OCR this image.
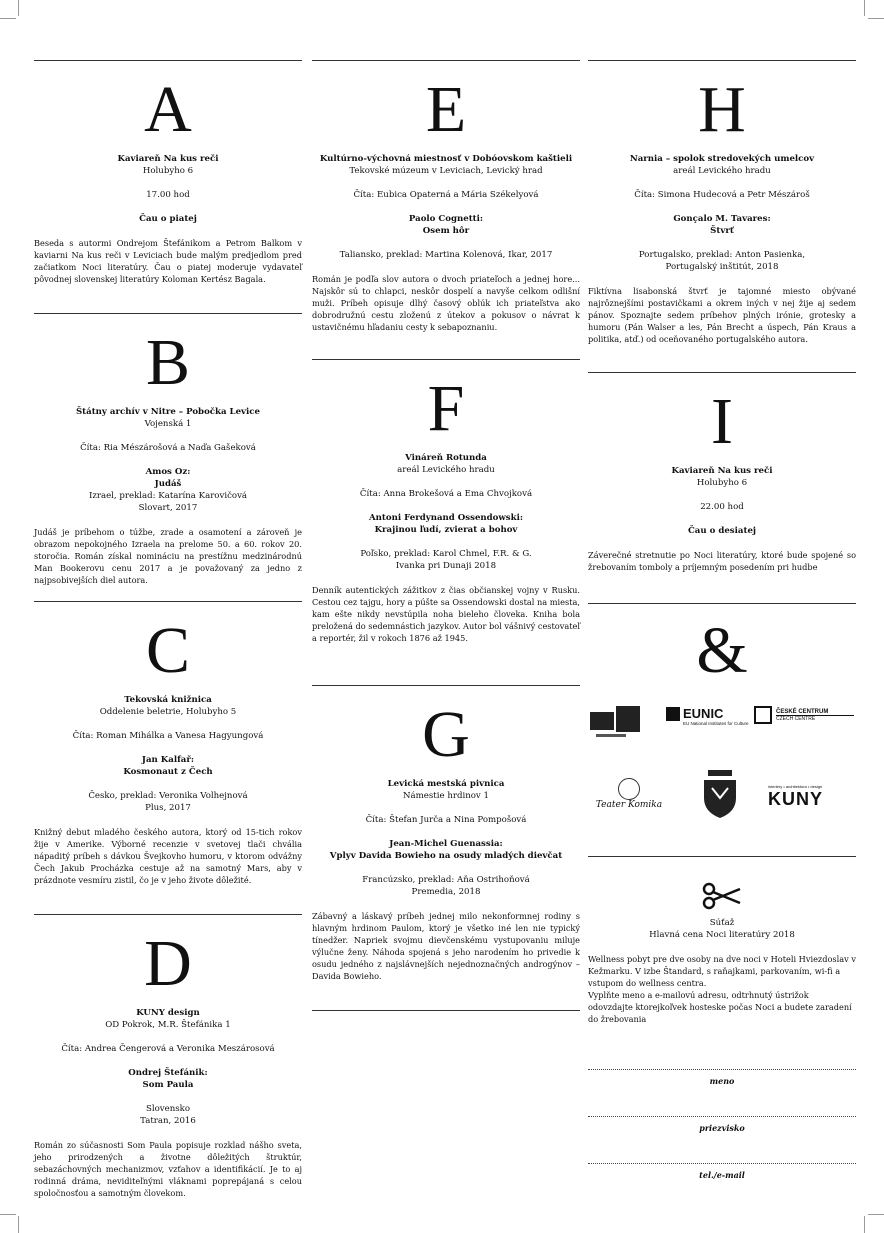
A
Kaviareň Na kus reči
Holubyho 6
17.00 hod
Čau o piatej
Beseda s autormi Ondrejom Štefánikom a Petrom Balkom v kaviarni Na kus reči v Leviciach bude malým predjedlom pred začiatkom Noci literatúry. Čau o piatej moderuje vydavateľ pôvodnej slovenskej literatúry Koloman Kertész Bagala.
B
Štátny archív v Nitre – Pobočka Levice
Vojenská 1
Číta: Ria Mészárošová a Naďa Gašeková
Amos Oz:
Judáš
Izrael, preklad: Katarína Karovičová
Slovart, 2017
Judáš je príbehom o túžbe, zrade a osamotení a zároveň je obrazom nepokojného Izraela na prelome 50. a 60. rokov 20. storočia. Román získal nomináciu na prestížnu medzinárodnú Man Bookerovu cenu 2017 a je považovaný za jedno z najpsobivejších diel autora.
C
Tekovská knižnica
Oddelenie beletrie, Holubyho 5
Číta: Roman Mihálka a Vanesa Hagyungová
Jan Kalfař:
Kosmonaut z Čech
Česko, preklad: Veronika Volhejnová
Plus, 2017
Knižný debut mladého českého autora, ktorý od 15-tich rokov žije v Amerike. Výborné recenzie v svetovej tlači chvália nápaditý príbeh s dávkou Švejkovho humoru, v ktorom odvážny Čech Jakub Procházka cestuje až na samotný Mars, aby v prázdnote vesmíru zistil, čo je v jeho živote dôležité.
D
KUNY design
OD Pokrok, M.R. Štefánika 1
Číta: Andrea Čengerová a Veronika Meszárosová
Ondrej Štefánik:
Som Paula
Slovensko
Tatran, 2016
Román zo súčasnosti Som Paula popisuje rozklad nášho sveta, jeho prirodzených a životne dôležitých štruktúr, sebazáchovných mechanizmov, vzťahov a identifikácií. Je to aj rodinná dráma, neviditeľnými vláknami poprepájaná s celou spoločnosťou a samotným človekom.
E
Kultúrno-výchovná miestnosť v Dobóovskom kaštieli
Tekovské múzeum v Leviciach, Levický hrad
Číta: Eubica Opaterná a Mária Székelyová
Paolo Cognetti:
Osem hôr
Taliansko, preklad: Martina Kolenová, Ikar, 2017
Román je podľa slov autora o dvoch priateľoch a jednej hore... Najskôr sú to chlapci, neskôr dospelí a navyše celkom odlišní muži. Príbeh opisuje dlhý časový oblúk ich priateľstva ako dobrodružnú cestu zloženú z útekov a pokusov o návrat k ustavičnému hľadaniu cesty k sebapoznaniu.
F
Vináreň Rotunda
areál Levického hradu
Číta: Anna Brokešová a Ema Chvojková
Antoni Ferdynand Ossendowski:
Krajinou ľudí, zvierat a bohov
Poľsko, preklad: Karol Chmel, F.R. & G.
Ivanka pri Dunaji 2018
Denník autentických zážitkov z čias občianskej vojny v Rusku. Cestou cez tajgu, hory a púšte sa Ossendowski dostal na miesta, kam ešte nikdy nevstúpila noha bieleho človeka. Kniha bola preložená do sedemnástich jazykov. Autor bol vášnivý cestovateľ a reportér, žil v rokoch 1876 až 1945.
G
Levická mestská pivnica
Námestie hrdinov 1
Číta: Štefan Jurča a Nina Pompošová
Jean-Michel Guenassia:
Vplyv Davida Bowieho na osudy mladých dievčat
Francúzsko, preklad: Aňa Ostrihoňová
Premedia, 2018
Zábavný a láskavý príbeh jednej milo nekonformnej rodiny s hlavným hrdinom Paulom, ktorý je všetko iné len nie typický tínedžer. Napriek svojmu dievčenskému vystupovaniu miluje výlučne ženy. Náhoda spojená s jeho narodením ho privedie k osudu jedného z najslávnejších nejednoznačných androgýnov – Davida Bowieho.
H
Narnia – spolok stredovekých umelcov
areál Levického hradu
Číta: Simona Hudecová a Petr Mészároš
Gonçalo M. Tavares:
Štvrť
Portugalsko, preklad: Anton Pasienka,
Portugalský inštitút, 2018
Fiktívna lisabonská štvrť je tajomné miesto obývané najrôznejšími postavičkami a okrem iných v nej žije aj sedem pánov. Spoznajte sedem príbehov plných irónie, grotesky a humoru (Pán Walser a les, Pán Brecht a úspech, Pán Kraus a politika, atď.) od oceňovaného portugalského autora.
I
Kaviareň Na kus reči
Holubyho 6
22.00 hod
Čau o desiatej
Záverečné stretnutie po Noci literatúry, ktoré bude spojené so žrebovaním tomboly a príjemným posedením pri hudbe
&
EUNIC
EU National Institutes for Culture
ČESKÉ CENTRUM
CZECH CENTRE
Teater Komika
interiéry • architektúra • design
KUNY
Súťaž
Hlavná cena Noci literatúry 2018
Wellness pobyt pre dve osoby na dve noci v Hoteli Hviezdoslav v Kežmarku. V izbe Štandard, s raňajkami, parkovaním, wi-fi a vstupom do wellness centra.
Vyplňte meno a e-mailovú adresu, odtrhnutý ústrižok odovzdajte ktorejkoľvek hosteske počas Noci a budete zaradení do žrebovania
meno
priezvisko
tel./e-mail
